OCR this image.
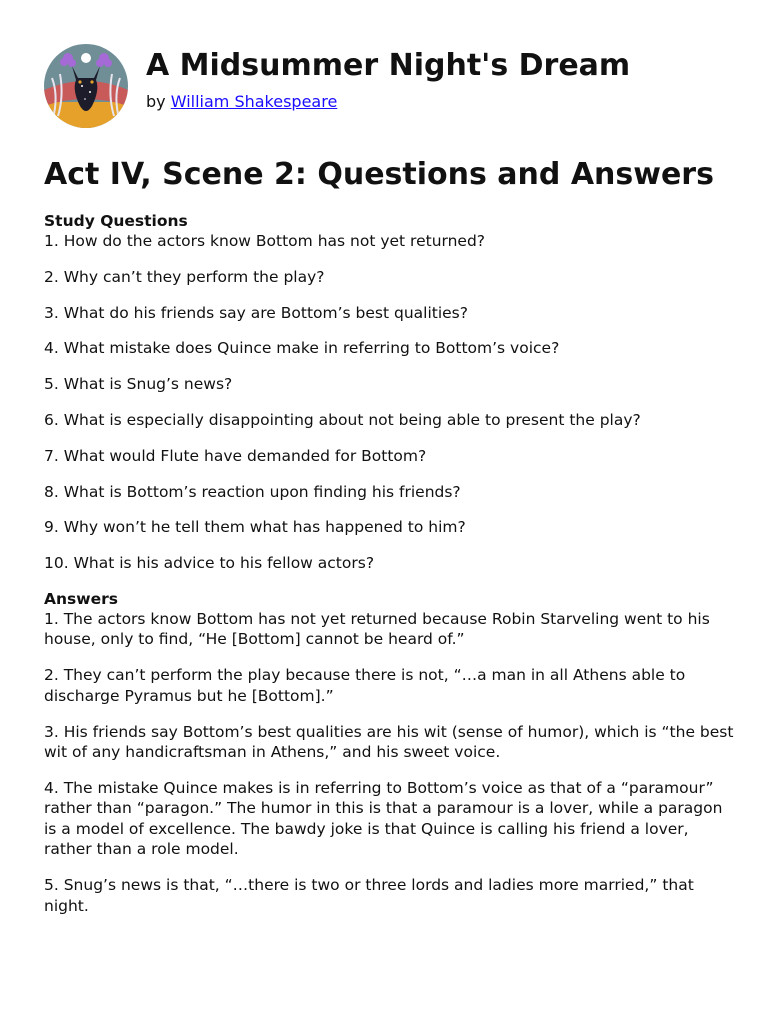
A Midsummer Night's Dream
by William Shakespeare
Act IV, Scene 2: Questions and Answers
Study Questions

1. How do the actors know Bottom has not yet returned?

2. Why can’t they perform the play?

3. What do his friends say are Bottom’s best qualities?

4. What mistake does Quince make in referring to Bottom’s voice?

5. What is Snug’s news?

6. What is especially disappointing about not being able to present the play?

7. What would Flute have demanded for Bottom?

8. What is Bottom’s reaction upon finding his friends?

9. Why won’t he tell them what has happened to him?

10. What is his advice to his fellow actors?

Answers

1. The actors know Bottom has not yet returned because Robin Starveling went to his house, only to find, “He [Bottom] cannot be heard of.”

2. They can’t perform the play because there is not, “…a man in all Athens able to discharge Pyramus but he [Bottom].”

3. His friends say Bottom’s best qualities are his wit (sense of humor), which is “the best wit of any handicraftsman in Athens,” and his sweet voice.

4. The mistake Quince makes is in referring to Bottom’s voice as that of a “paramour” rather than “paragon.” The humor in this is that a paramour is a lover, while a paragon is a model of excellence. The bawdy joke is that Quince is calling his friend a lover, rather than a role model.

5. Snug’s news is that, “…there is two or three lords and ladies more married,” that night.
